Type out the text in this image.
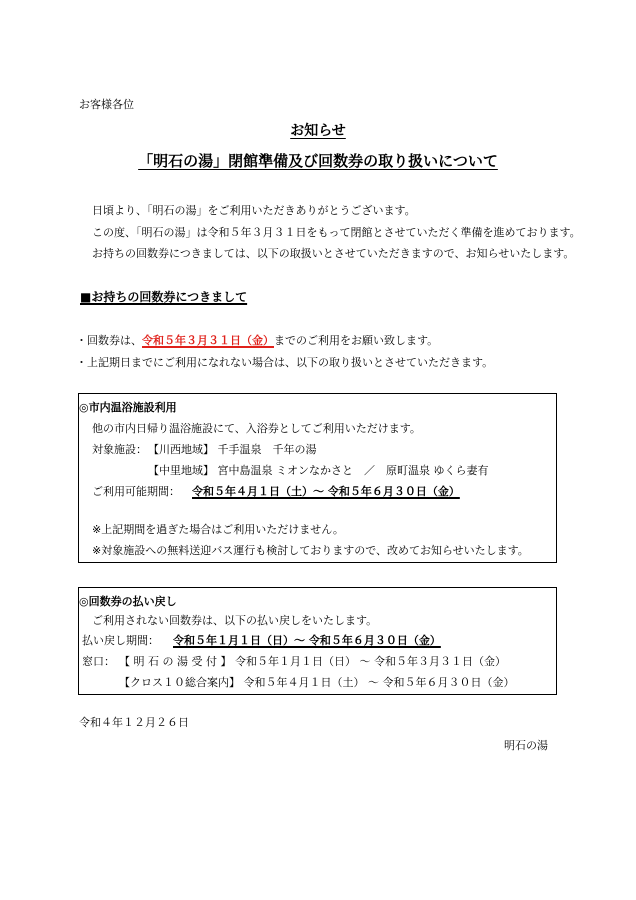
お客様各位
お知らせ
「明石の湯」閉館準備及び回数券の取り扱いについて
日頃より、「明石の湯」をご利用いただきありがとうございます。
この度、「明石の湯」は令和５年３月３１日をもって閉館とさせていただく準備を進めております。
お持ちの回数券につきましては、以下の取扱いとさせていただきますので、お知らせいたします。
■お持ちの回数券につきまして
・回数券は、令和５年３月３１日（金）までのご利用をお願い致します。
・上記期日までにご利用になれない場合は、以下の取り扱いとさせていただきます。
◎市内温浴施設利用
他の市内日帰り温浴施設にて、入浴券としてご利用いただけます。
対象施設： 【川西地域】 千手温泉　千年の湯
【中里地域】 宮中島温泉 ミオンなかさと　／　原町温泉 ゆくら妻有
ご利用可能期間： 令和５年４月１日（土）～ 令和５年６月３０日（金）
※上記期間を過ぎた場合はご利用いただけません。
※対象施設への無料送迎バス運行も検討しておりますので、改めてお知らせいたします。
◎回数券の払い戻し
ご利用されない回数券は、以下の払い戻しをいたします。
払い戻し期間： 令和５年１月１日（日）～ 令和５年６月３０日（金）
窓口： 【 明 石 の 湯 受 付 】 令和５年１月１日（日） ～ 令和５年３月３１日（金）
【クロス１０総合案内】 令和５年４月１日（土） ～ 令和５年６月３０日（金）
令和４年１２月２６日
明石の湯
